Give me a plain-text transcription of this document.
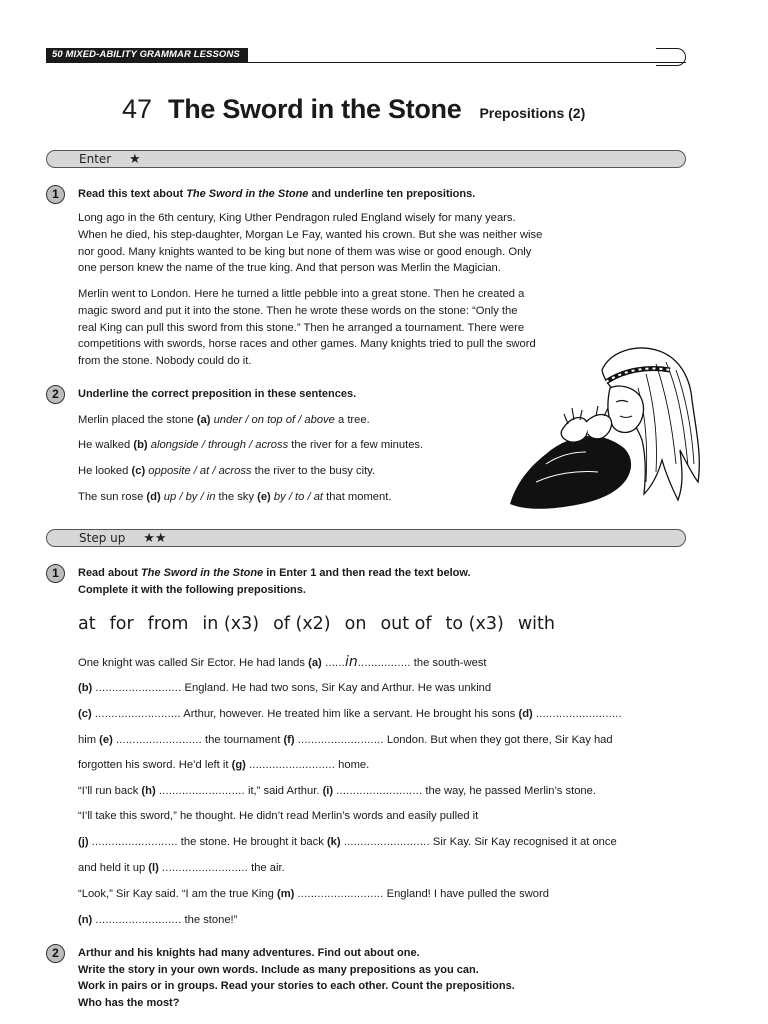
50 MIXED-ABILITY GRAMMAR LESSONS
47 The Sword in the Stone Prepositions (2)
Enter ★
1	Read this text about The Sword in the Stone and underline ten prepositions.
Long ago in the 6th century, King Uther Pendragon ruled England wisely for many years.
When he died, his step-daughter, Morgan Le Fay, wanted his crown. But she was neither wise
nor good. Many knights wanted to be king but none of them was wise or good enough. Only
one person knew the name of the true king. And that person was Merlin the Magician.
Merlin went to London. Here he turned a little pebble into a great stone. Then he created a
magic sword and put it into the stone. Then he wrote these words on the stone: “Only the
real King can pull this sword from this stone.” Then he arranged a tournament. There were
competitions with swords, horse races and other games. Many knights tried to pull the sword
from the stone. Nobody could do it.
2	Underline the correct preposition in these sentences.
Merlin placed the stone (a) under / on top of / above a tree.
He walked (b) alongside / through / across the river for a few minutes.
He looked (c) opposite / at / across the river to the busy city.
The sun rose (d) up / by / in the sky (e) by / to / at that moment.
Step up ★★
1	Read about The Sword in the Stone in Enter 1 and then read the text below.
Complete it with the following prepositions.
at for from in (x3) of (x2) on out of to (x3) with
One knight was called Sir Ector. He had lands (a) ......in................ the south-west
(b) .......................... England. He had two sons, Sir Kay and Arthur. He was unkind
(c) .......................... Arthur, however. He treated him like a servant. He brought his sons (d) ..........................
him (e) .......................... the tournament (f) .......................... London. But when they got there, Sir Kay had
forgotten his sword. He’d left it (g) .......................... home.
“I’ll run back (h) .......................... it,” said Arthur. (i) .......................... the way, he passed Merlin’s stone.
“I’ll take this sword,” he thought. He didn’t read Merlin’s words and easily pulled it
(j) .......................... the stone. He brought it back (k) .......................... Sir Kay. Sir Kay recognised it at once
and held it up (l) .......................... the air.
“Look,” Sir Kay said. “I am the true King (m) .......................... England! I have pulled the sword
(n) .......................... the stone!”
2	Arthur and his knights had many adventures. Find out about one.
Write the story in your own words. Include as many prepositions as you can.
Work in pairs or in groups. Read your stories to each other. Count the prepositions.
Who has the most?
